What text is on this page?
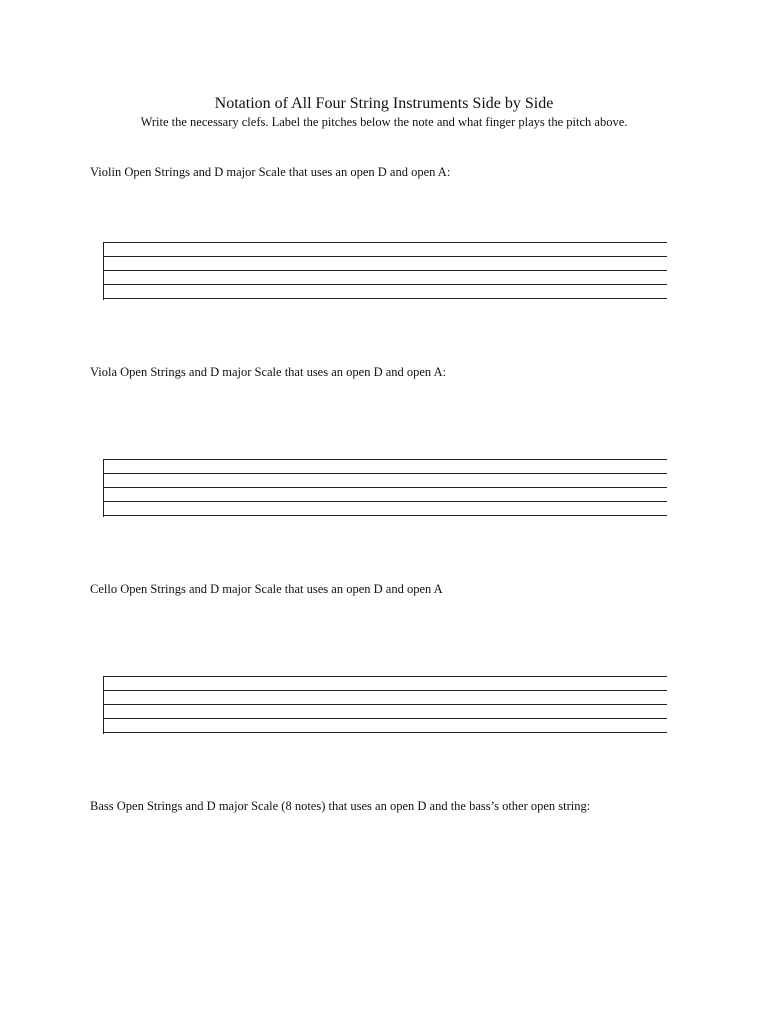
Notation of All Four String Instruments Side by Side
Write the necessary clefs. Label the pitches below the note and what finger plays the pitch above.
Violin Open Strings and D major Scale that uses an open D and open A:
Viola Open Strings and D major Scale that uses an open D and open A:
Cello Open Strings and D major Scale that uses an open D and open A
Bass Open Strings and D major Scale (8 notes) that uses an open D and the bass’s other open string:
